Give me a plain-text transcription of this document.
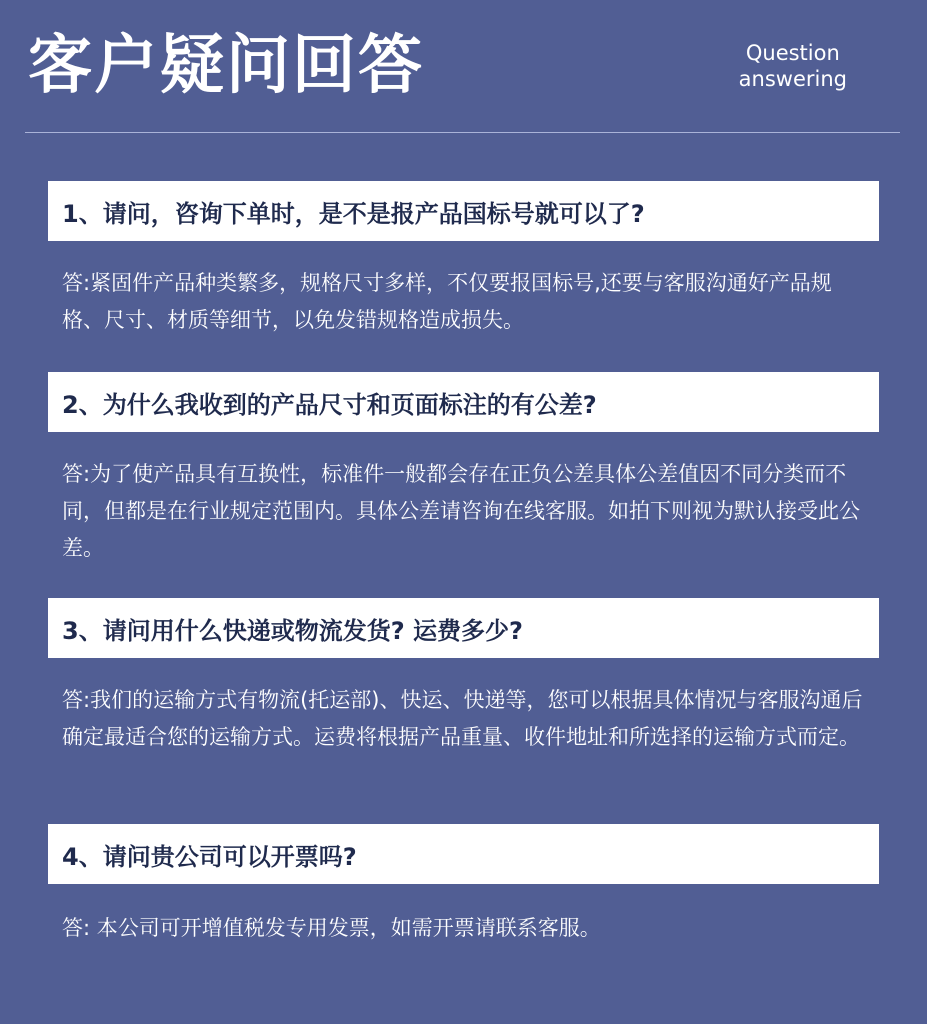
客户疑问回答	Question
answering
1、请问，咨询下单时，是不是报产品国标号就可以了?
答:紧固件产品种类繁多，规格尺寸多样，不仅要报国标号,还要与客服沟通好产品规格、尺寸、材质等细节，以免发错规格造成损失。
2、为什么我收到的产品尺寸和页面标注的有公差?
答:为了使产品具有互换性，标准件一般都会存在正负公差具体公差值因不同分类而不同，但都是在行业规定范围内。具体公差请咨询在线客服。如拍下则视为默认接受此公差。
3、请问用什么快递或物流发货? 运费多少?
答:我们的运输方式有物流(托运部)、快运、快递等，您可以根据具体情况与客服沟通后确定最适合您的运输方式。运费将根据产品重量、收件地址和所选择的运输方式而定。
4、请问贵公司可以开票吗?
答: 本公司可开增值税发专用发票，如需开票请联系客服。
